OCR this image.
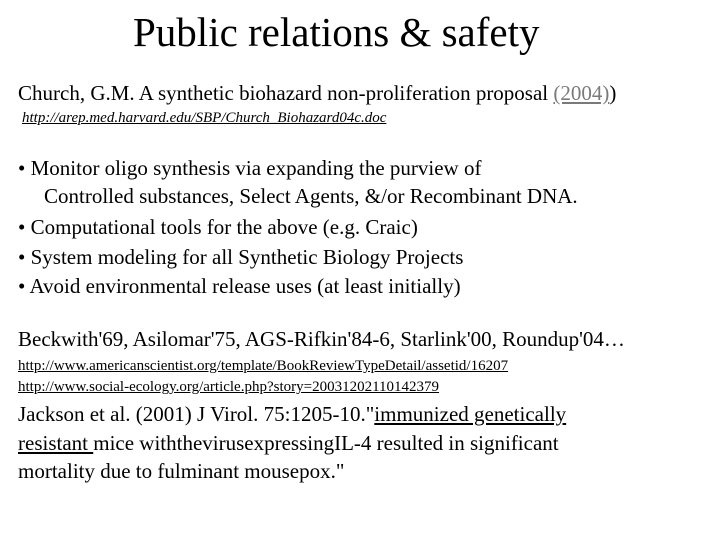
Public relations & safety
Church, G.M. A synthetic biohazard non-proliferation proposal (2004))
http://arep.med.harvard.edu/SBP/Church_Biohazard04c.doc
• Monitor oligo synthesis via expanding the purview of
Controlled substances, Select Agents, &/or Recombinant DNA.
• Computational tools for the above (e.g. Craic)
• System modeling for all Synthetic Biology Projects
• Avoid environmental release uses (at least initially)
Beckwith'69, Asilomar'75, AGS-Rifkin'84-6, Starlink'00, Roundup'04…
http://www.americanscientist.org/template/BookReviewTypeDetail/assetid/16207
http://www.social-ecology.org/article.php?story=20031202110142379
Jackson et al. (2001) J Virol. 75:1205-10."immunized genetically
resistant mice withthevirusexpressingIL-4 resulted in significant
mortality due to fulminant mousepox."
